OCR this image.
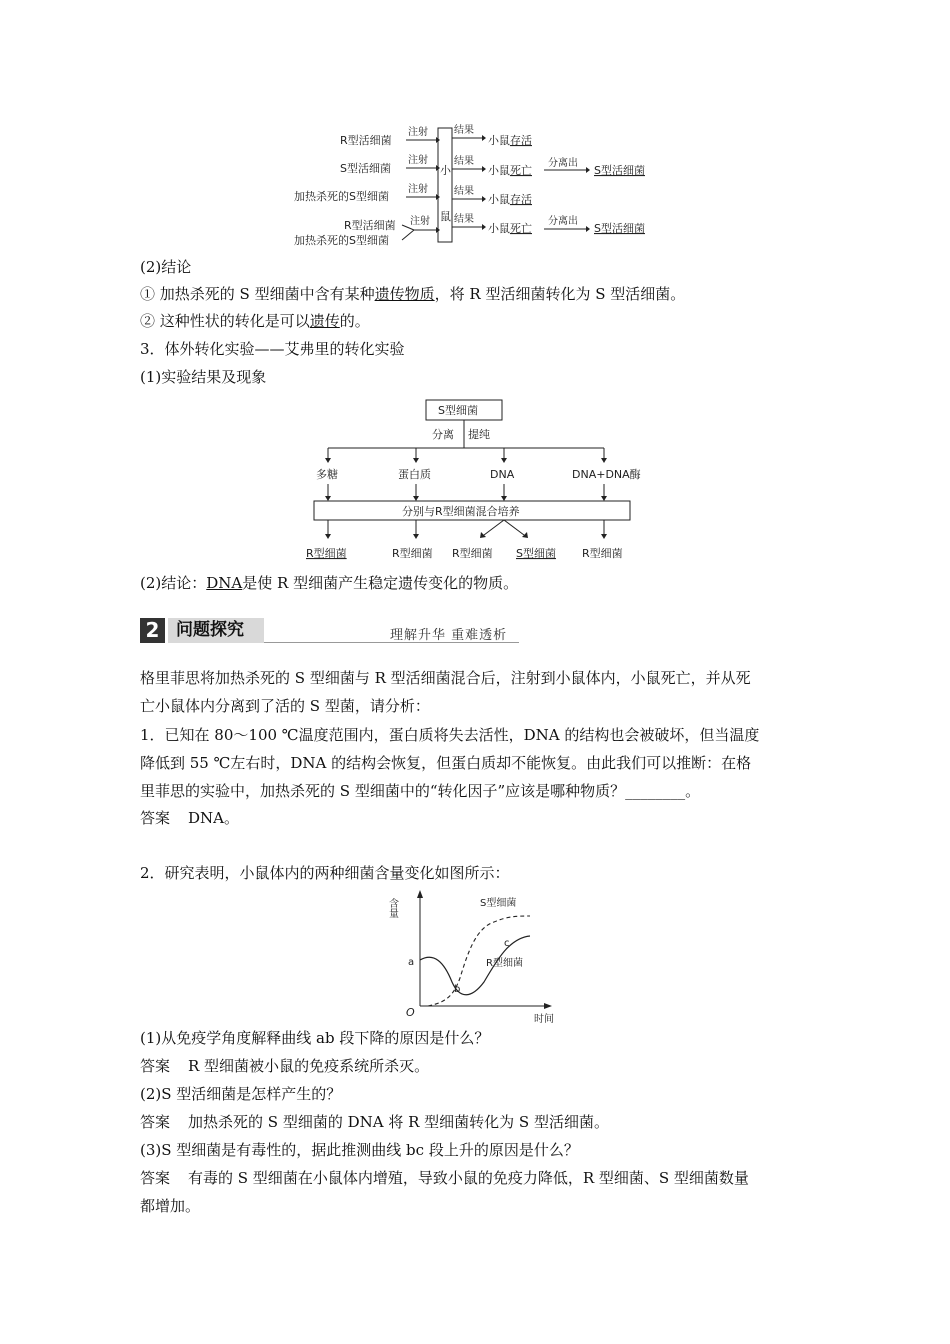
小
鼠
R型活细菌
注射	结果
小鼠存活
S型活细菌
注射	结果
小鼠死亡
分离出
S型活细菌
加热杀死的S型细菌
注射	结果
小鼠存活
R型活细菌
加热杀死的S型细菌
注射 结果
小鼠死亡
分离出
S型活细菌
(2)结论
① 加热杀死的 S 型细菌中含有某种遗传物质，将 R 型活细菌转化为 S 型活细菌。
② 这种性状的转化是可以遗传的。
3．体外转化实验——艾弗里的转化实验
(1)实验结果及现象
S型细菌
分离 提纯
多糖	蛋白质	DNA	DNA+DNA酶
分别与R型细菌混合培养
R型细菌	R型细菌 R型细菌 S型细菌 R型细菌
(2)结论：DNA是使 R 型细菌产生稳定遗传变化的物质。
2 问题探究	理解升华 重难透析
格里菲思将加热杀死的 S 型细菌与 R 型活细菌混合后，注射到小鼠体内，小鼠死亡，并从死
亡小鼠体内分离到了活的 S 型菌，请分析：
1．已知在 80～100 ℃温度范围内，蛋白质将失去活性，DNA 的结构也会被破坏，但当温度
降低到 55 ℃左右时，DNA 的结构会恢复，但蛋白质却不能恢复。由此我们可以推断：在格
里菲思的实验中，加热杀死的 S 型细菌中的“转化因子”应该是哪种物质？________。
答案 DNA。
2．研究表明，小鼠体内的两种细菌含量变化如图所示：
含量
时间
O
S型细菌
R型细菌
a
b
c
(1)从免疫学角度解释曲线 ab 段下降的原因是什么？
答案 R 型细菌被小鼠的免疫系统所杀灭。
(2)S 型活细菌是怎样产生的？
答案 加热杀死的 S 型细菌的 DNA 将 R 型细菌转化为 S 型活细菌。
(3)S 型细菌是有毒性的，据此推测曲线 bc 段上升的原因是什么？
答案 有毒的 S 型细菌在小鼠体内增殖，导致小鼠的免疫力降低，R 型细菌、S 型细菌数量
都增加。
